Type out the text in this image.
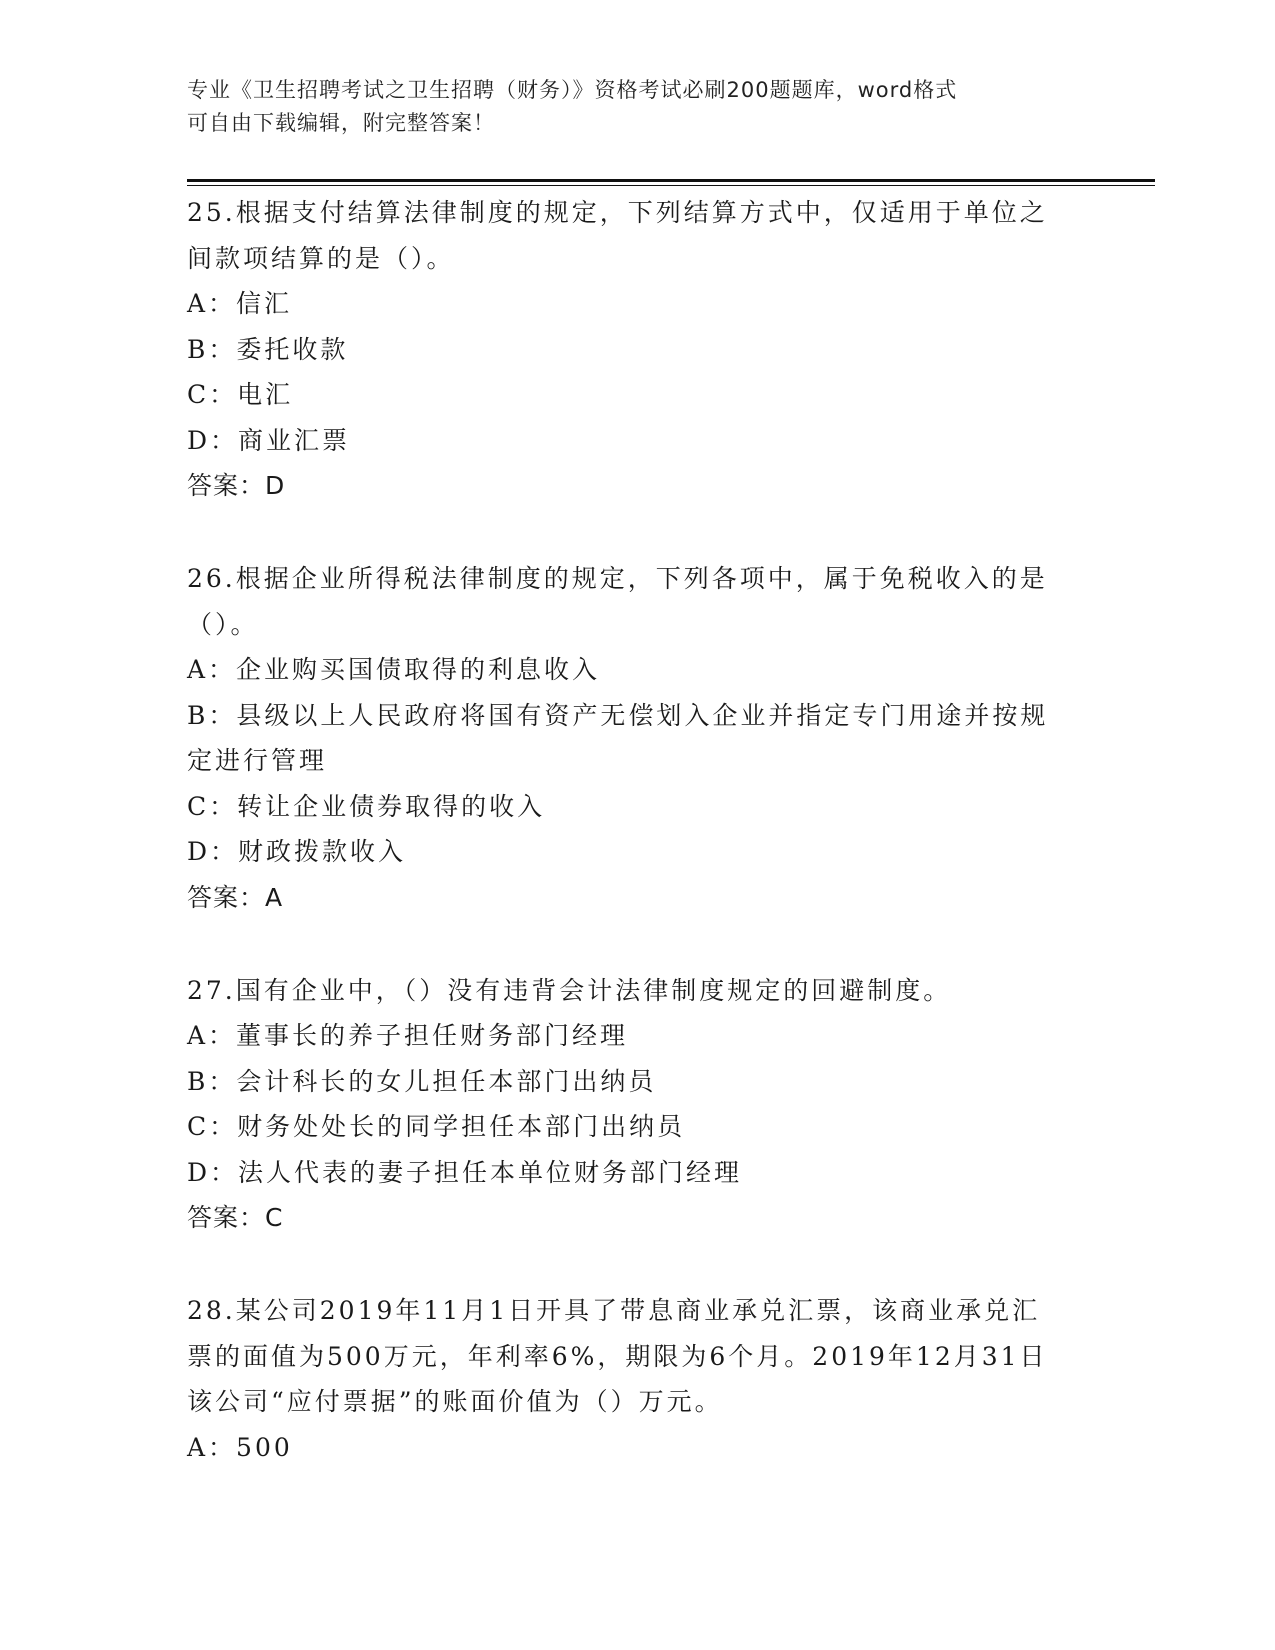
专业《卫生招聘考试之卫生招聘（财务）》资格考试必刷200题题库，word格式
可自由下载编辑，附完整答案！
25.根据支付结算法律制度的规定，下列结算方式中，仅适用于单位之
间款项结算的是（）。
A：信汇
B：委托收款
C：电汇
D：商业汇票
答案：D
26.根据企业所得税法律制度的规定，下列各项中，属于免税收入的是
（）。
A：企业购买国债取得的利息收入
B：县级以上人民政府将国有资产无偿划入企业并指定专门用途并按规
定进行管理
C：转让企业债券取得的收入
D：财政拨款收入
答案：A
27.国有企业中，（）没有违背会计法律制度规定的回避制度。
A：董事长的养子担任财务部门经理
B：会计科长的女儿担任本部门出纳员
C：财务处处长的同学担任本部门出纳员
D：法人代表的妻子担任本单位财务部门经理
答案：C
28.某公司2019年11月1日开具了带息商业承兑汇票，该商业承兑汇
票的面值为500万元，年利率6%，期限为6个月。2019年12月31日
该公司“应付票据”的账面价值为（）万元。
A：500
